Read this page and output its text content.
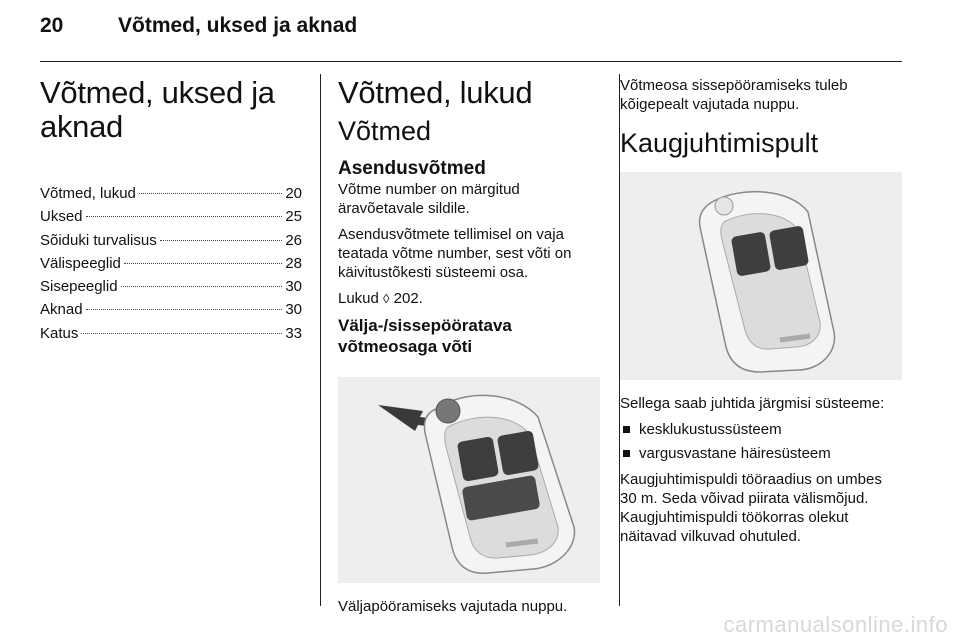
20	Võtmed, uksed ja aknad
Võtmed, uksed ja aknad
Võtmed, lukud	20
Uksed	25
Sõiduki turvalisus	26
Välispeeglid	28
Sisepeeglid	30
Aknad	30
Katus	33
Võtmed, lukud
Võtmed
Asendusvõtmed

Võtme number on märgitud äravõetavale sildile.

Asendusvõtmete tellimisel on vaja teatada võtme number, sest võti on käivitustõkesti süsteemi osa.

Lukud ◊ 202.

Välja-/sissepööratava võtmeosaga võti

Väljapööramiseks vajutada nuppu.

Võtmeosa sissepööramiseks tuleb kõigepealt vajutada nuppu.

Kaugjuhtimispult

Sellega saab juhtida järgmisi süsteeme:

kesklukustussüsteem
vargusvastane häiresüsteem

Kaugjuhtimispuldi tööraadius on umbes 30 m. Seda võivad piirata välismõjud. Kaugjuhtimispuldi töökorras olekut näitavad vilkuvad ohutuled.

carmanualsonline.info
